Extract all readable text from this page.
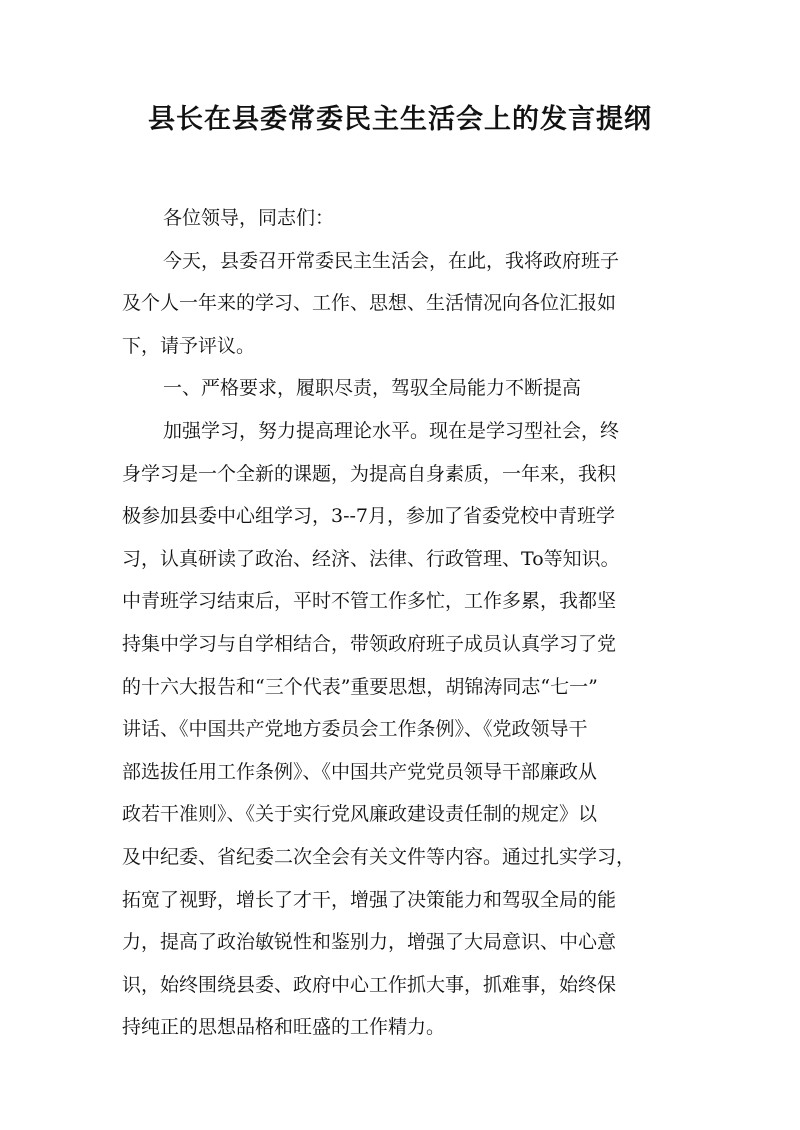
县长在县委常委民主生活会上的发言提纲

各位领导，同志们：

今天，县委召开常委民主生活会，在此，我将政府班子

及个人一年来的学习、工作、思想、生活情况向各位汇报如

下，请予评议。

一、严格要求，履职尽责，驾驭全局能力不断提高

加强学习，努力提高理论水平。现在是学习型社会，终

身学习是一个全新的课题，为提高自身素质，一年来，我积

极参加县委中心组学习，3--7月，参加了省委党校中青班学

习，认真研读了政治、经济、法律、行政管理、To等知识。

中青班学习结束后，平时不管工作多忙，工作多累，我都坚

持集中学习与自学相结合，带领政府班子成员认真学习了党

的十六大报告和“三个代表”重要思想，胡锦涛同志“七一”

讲话、《中国共产党地方委员会工作条例》、《党政领导干

部选拔任用工作条例》、《中国共产党党员领导干部廉政从

政若干准则》、《关于实行党风廉政建设责任制的规定》以

及中纪委、省纪委二次全会有关文件等内容。通过扎实学习，

拓宽了视野，增长了才干，增强了决策能力和驾驭全局的能

力，提高了政治敏锐性和鉴别力，增强了大局意识、中心意

识，始终围绕县委、政府中心工作抓大事，抓难事，始终保

持纯正的思想品格和旺盛的工作精力。
